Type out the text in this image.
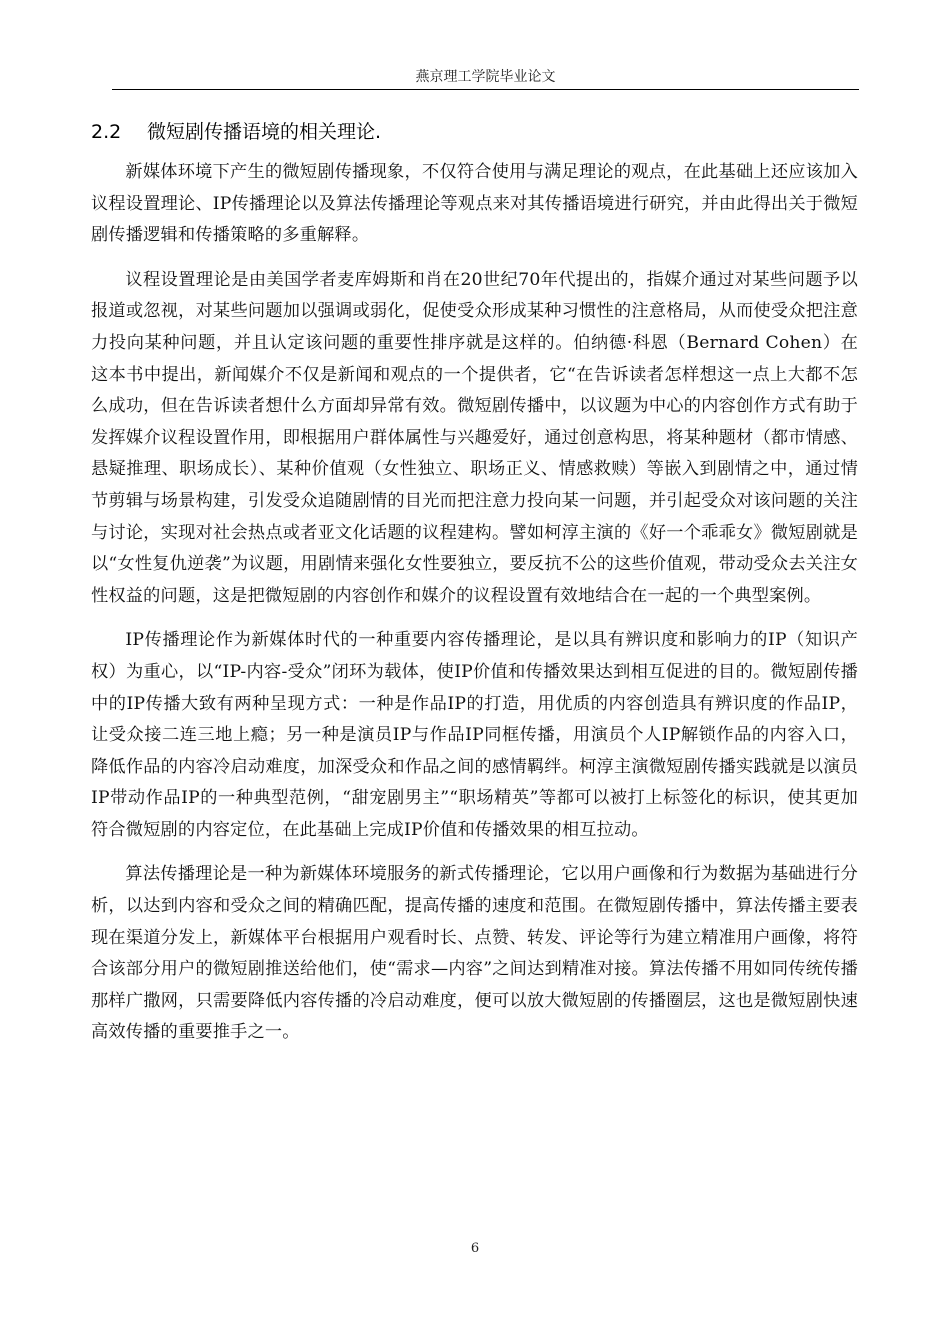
燕京理工学院毕业论文
2.2 微短剧传播语境的相关理论.

新媒体环境下产生的微短剧传播现象，不仅符合使用与满足理论的观点，在此基础上还应该加入议程设置理论、IP传播理论以及算法传播理论等观点来对其传播语境进行研究，并由此得出关于微短剧传播逻辑和传播策略的多重解释。

议程设置理论是由美国学者麦库姆斯和肖在20世纪70年代提出的，指媒介通过对某些问题予以报道或忽视，对某些问题加以强调或弱化，促使受众形成某种习惯性的注意格局，从而使受众把注意力投向某种问题，并且认定该问题的重要性排序就是这样的。伯纳德·科恩（Bernard Cohen）在这本书中提出，新闻媒介不仅是新闻和观点的一个提供者，它“在告诉读者怎样想这一点上大都不怎么成功，但在告诉读者想什么方面却异常有效。微短剧传播中，以议题为中心的内容创作方式有助于发挥媒介议程设置作用，即根据用户群体属性与兴趣爱好，通过创意构思，将某种题材（都市情感、悬疑推理、职场成长）、某种价值观（女性独立、职场正义、情感救赎）等嵌入到剧情之中，通过情节剪辑与场景构建，引发受众追随剧情的目光而把注意力投向某一问题，并引起受众对该问题的关注与讨论，实现对社会热点或者亚文化话题的议程建构。譬如柯淳主演的《好一个乖乖女》微短剧就是以“女性复仇逆袭”为议题，用剧情来强化女性要独立，要反抗不公的这些价值观，带动受众去关注女性权益的问题，这是把微短剧的内容创作和媒介的议程设置有效地结合在一起的一个典型案例。

IP传播理论作为新媒体时代的一种重要内容传播理论，是以具有辨识度和影响力的IP（知识产权）为重心，以“IP-内容-受众”闭环为载体，使IP价值和传播效果达到相互促进的目的。微短剧传播中的IP传播大致有两种呈现方式：一种是作品IP的打造，用优质的内容创造具有辨识度的作品IP，让受众接二连三地上瘾；另一种是演员IP与作品IP同框传播，用演员个人IP解锁作品的内容入口，降低作品的内容冷启动难度，加深受众和作品之间的感情羁绊。柯淳主演微短剧传播实践就是以演员IP带动作品IP的一种典型范例，“甜宠剧男主”“职场精英”等都可以被打上标签化的标识，使其更加符合微短剧的内容定位，在此基础上完成IP价值和传播效果的相互拉动。

算法传播理论是一种为新媒体环境服务的新式传播理论，它以用户画像和行为数据为基础进行分析，以达到内容和受众之间的精确匹配，提高传播的速度和范围。在微短剧传播中，算法传播主要表现在渠道分发上，新媒体平台根据用户观看时长、点赞、转发、评论等行为建立精准用户画像，将符合该部分用户的微短剧推送给他们，使“需求—内容”之间达到精准对接。算法传播不用如同传统传播那样广撒网，只需要降低内容传播的冷启动难度，便可以放大微短剧的传播圈层，这也是微短剧快速高效传播的重要推手之一。

6
